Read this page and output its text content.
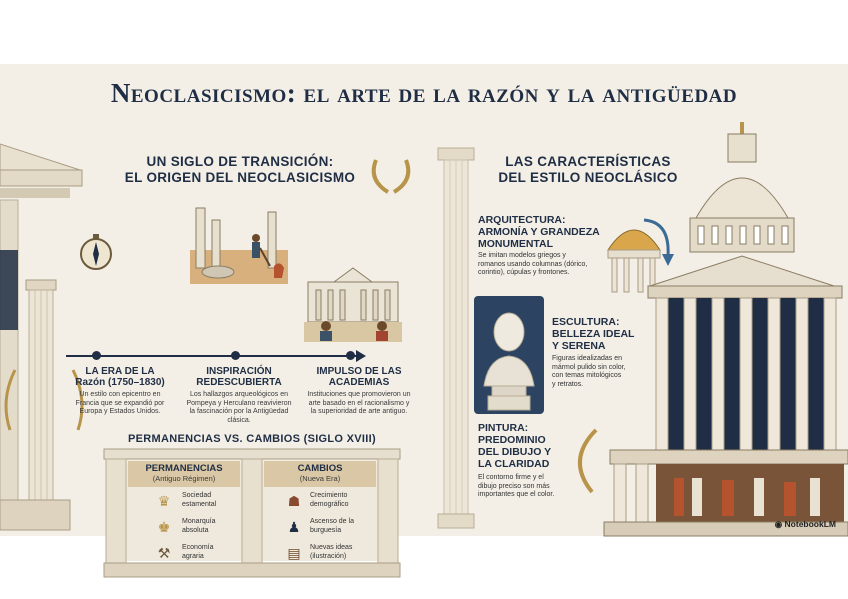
Neoclasicismo: el arte de la razón y la antigüedad
UN SIGLO DE TRANSICIÓN:
EL ORIGEN DEL NEOCLASICISMO
LA ERA DE LA
Razón (1750–1830)
Un estilo con epicentro en
Francia que se expandió por
Europa y Estados Unidos.
INSPIRACIÓN
REDESCUBIERTA
Los hallazgos arqueológicos en
Pompeya y Herculano reavivieron
la fascinación por la Antigüedad
clásica.
IMPULSO DE LAS
ACADEMIAS
Instituciones que promovieron un
arte basado en el racionalismo y
la superioridad de arte antiguo.
PERMANENCIAS VS. CAMBIOS (SIGLO XVIII)
PERMANENCIAS
(Antiguo Régimen)
CAMBIOS
(Nueva Era)
♛	Sociedad
estamental
♚	Monarquía
absoluta
⚒	Economía
agraria
☗	Crecimiento
demográfico
♟	Ascenso de la
burguesía
▤	Nuevas ideas
(ilustración)
LAS CARACTERÍSTICAS
DEL ESTILO NEOCLÁSICO
ARQUITECTURA:
ARMONÍA Y GRANDEZA
MONUMENTAL
Se imitan modelos griegos y
romanos usando columnas (dórico,
corintio), cúpulas y frontones.
ESCULTURA:
BELLEZA IDEAL
Y SERENA
Figuras idealizadas en
mármol pulido sin color,
con temas mitológicos
y retratos.
PINTURA:
PREDOMINIO
DEL DIBUJO Y
LA CLARIDAD
El contorno firme y el
dibujo preciso son más
importantes que el color.
◉ NotebookLM
